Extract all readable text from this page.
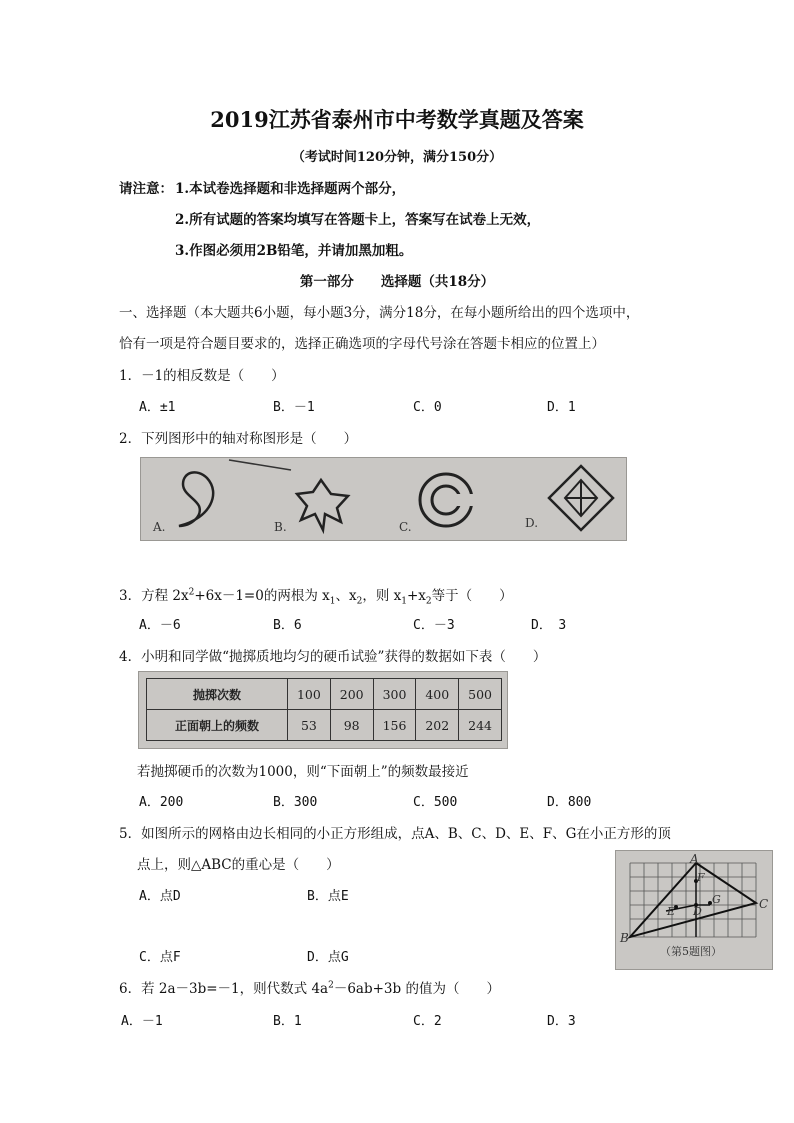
2019江苏省泰州市中考数学真题及答案
（考试时间120分钟，满分150分）
请注意： 1.本试卷选择题和非选择题两个部分，
2.所有试题的答案均填写在答题卡上，答案写在试卷上无效，
3.作图必须用2B铅笔，并请加黑加粗。
第一部分　　选择题（共18分）
一、选择题（本大题共6小题，每小题3分，满分18分，在每小题所给出的四个选项中，
恰有一项是符合题目要求的，选择正确选项的字母代号涂在答题卡相应的位置上）
1．－1的相反数是（　　）
A．±1	B．－1	C．0	D．1
2．下列图形中的轴对称图形是（　　）
A.	B.	C.	D.
3．方程 $2x^2+6x-1=0$的两根为 $x_1$、$x_2$，则 $x_1+x_2$等于（　　）
A．－6	B．6	C．－3	D．　3
4．小明和同学做“抛掷质地均匀的硬币试验”获得的数据如下表（　　）
抛掷次数	100	200	300	400	500
正面朝上的频数	53	98	156	202	244
若抛掷硬币的次数为1000，则“下面朝上”的频数最接近
A．200	B．300	C．500	D．800
5．如图所示的网格由边长相同的小正方形组成，点A、B、C、D、E、F、G在小正方形的顶
点上，则△ABC的重心是（　　）
A．点D	B．点E
C．点F	D．点G
A
B
C
D
E
F
G
（第5题图）
6．若 2a－3b=－1，则代数式 $4a^2-6ab+3b$ 的值为（　　）
A．－1	B．1	C．2	D．3
